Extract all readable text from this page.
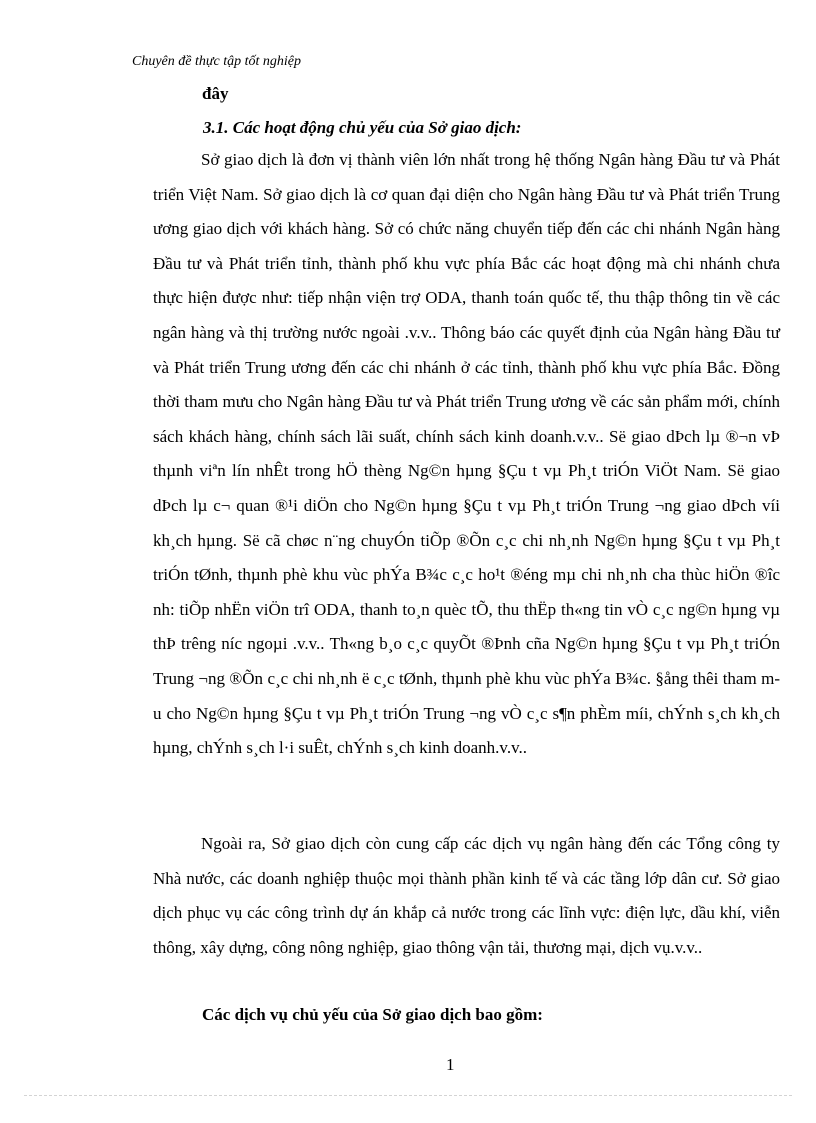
Chuyên đề thực tập tốt nghiệp
đây
3.1. Các hoạt động chủ yếu của Sở giao dịch:

Sở giao dịch là đơn vị thành viên lớn nhất trong hệ thống Ngân hàng Đầu tư và Phát triển Việt Nam. Sở giao dịch là cơ quan đại diện cho Ngân hàng Đầu tư và Phát triển Trung ương giao dịch với khách hàng. Sở có chức năng chuyển tiếp đến các chi nhánh Ngân hàng Đầu tư và Phát triển tỉnh, thành phố khu vực phía Bắc các hoạt động mà chi nhánh chưa thực hiện được như: tiếp nhận viện trợ ODA, thanh toán quốc tế, thu thập thông tin về các ngân hàng và thị trường nước ngoài .v.v.. Thông báo các quyết định của Ngân hàng Đầu tư và Phát triển Trung ương đến các chi nhánh ở các tỉnh, thành phố khu vực phía Bắc. Đồng thời tham mưu cho Ngân hàng Đầu tư và Phát triển Trung ương về các sản phẩm mới, chính sách khách hàng, chính sách lãi suất, chính sách kinh doanh.v.v.. Së giao dÞch lµ ®¬n vÞ thµnh viªn lín nhÊt trong hÖ thèng Ng©n hµng §Çu t vµ Ph¸t triÓn ViÖt Nam. Së giao dÞch lµ c¬ quan ®¹i diÖn cho Ng©n hµng §Çu t vµ Ph¸t triÓn Trung ¬ng giao dÞch víi kh¸ch hµng. Së cã chøc n¨ng chuyÓn tiÕp ®Õn c¸c chi nh¸nh Ng©n hµng §Çu t vµ Ph¸t triÓn tØnh, thµnh phè khu vùc phÝa B¾c c¸c ho¹t ®éng mµ chi nh¸nh cha thùc hiÖn ®îc nh: tiÕp nhËn viÖn trî ODA, thanh to¸n quèc tÕ, thu thËp th«ng tin vÒ c¸c ng©n hµng vµ thÞ trêng níc ngoµi .v.v.. Th«ng b¸o c¸c quyÕt ®Þnh cña Ng©n hµng §Çu t vµ Ph¸t triÓn Trung ¬ng ®Õn c¸c chi nh¸nh ë c¸c tØnh, thµnh phè khu vùc phÝa B¾c. §ång thêi tham mu cho Ng©n hµng §Çu t vµ Ph¸t triÓn Trung ¬ng vÒ c¸c s¶n phÈm míi, chÝnh s¸ch kh¸ch hµng, chÝnh s¸ch l·i suÊt, chÝnh s¸ch kinh doanh.v.v..

Ngoài ra, Sở giao dịch còn cung cấp các dịch vụ ngân hàng đến các Tổng công ty Nhà nước, các doanh nghiệp thuộc mọi thành phần kinh tế và các tầng lớp dân cư. Sở giao dịch phục vụ các công trình dự án khắp cả nước trong các lĩnh vực: điện lực, dầu khí, viễn thông, xây dựng, công nông nghiệp, giao thông vận tải, thương mại, dịch vụ.v.v..

Các dịch vụ chủ yếu của Sở giao dịch bao gồm:
1
